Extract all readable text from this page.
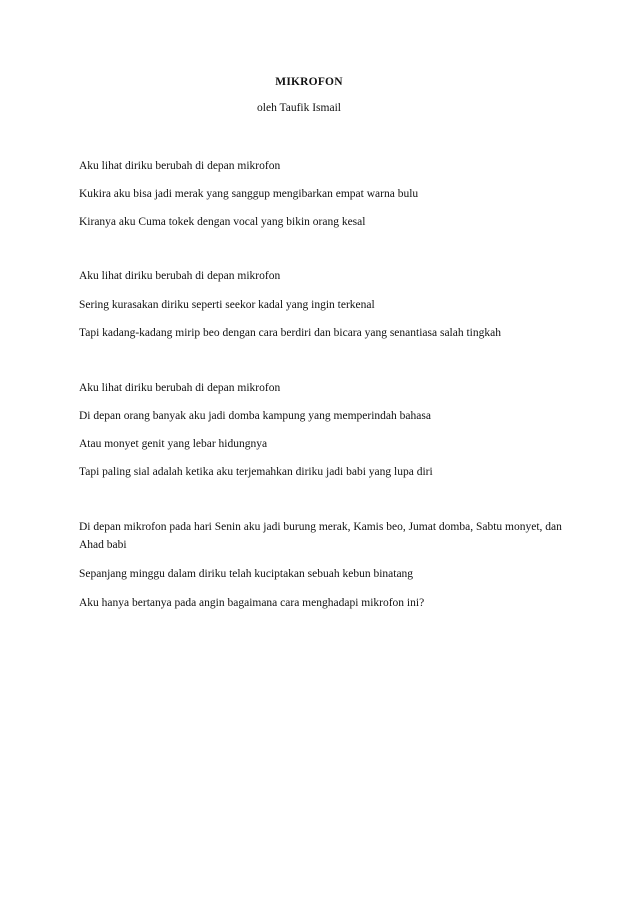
MIKROFON

oleh Taufik Ismail

Aku lihat diriku berubah di depan mikrofon

Kukira aku bisa jadi merak yang sanggup mengibarkan empat warna bulu

Kiranya aku Cuma tokek dengan vocal yang bikin orang kesal

Aku lihat diriku berubah di depan mikrofon

Sering kurasakan diriku seperti seekor kadal yang ingin terkenal

Tapi kadang-kadang mirip beo dengan cara berdiri dan bicara yang senantiasa salah tingkah

Aku lihat diriku berubah di depan mikrofon

Di depan orang banyak aku jadi domba kampung yang memperindah bahasa

Atau monyet genit yang lebar hidungnya

Tapi paling sial adalah ketika aku terjemahkan diriku jadi babi yang lupa diri

Di depan mikrofon pada hari Senin aku jadi burung merak, Kamis beo, Jumat domba, Sabtu monyet, dan Ahad babi

Sepanjang minggu dalam diriku telah kuciptakan sebuah kebun binatang

Aku hanya bertanya pada angin bagaimana cara menghadapi mikrofon ini?
